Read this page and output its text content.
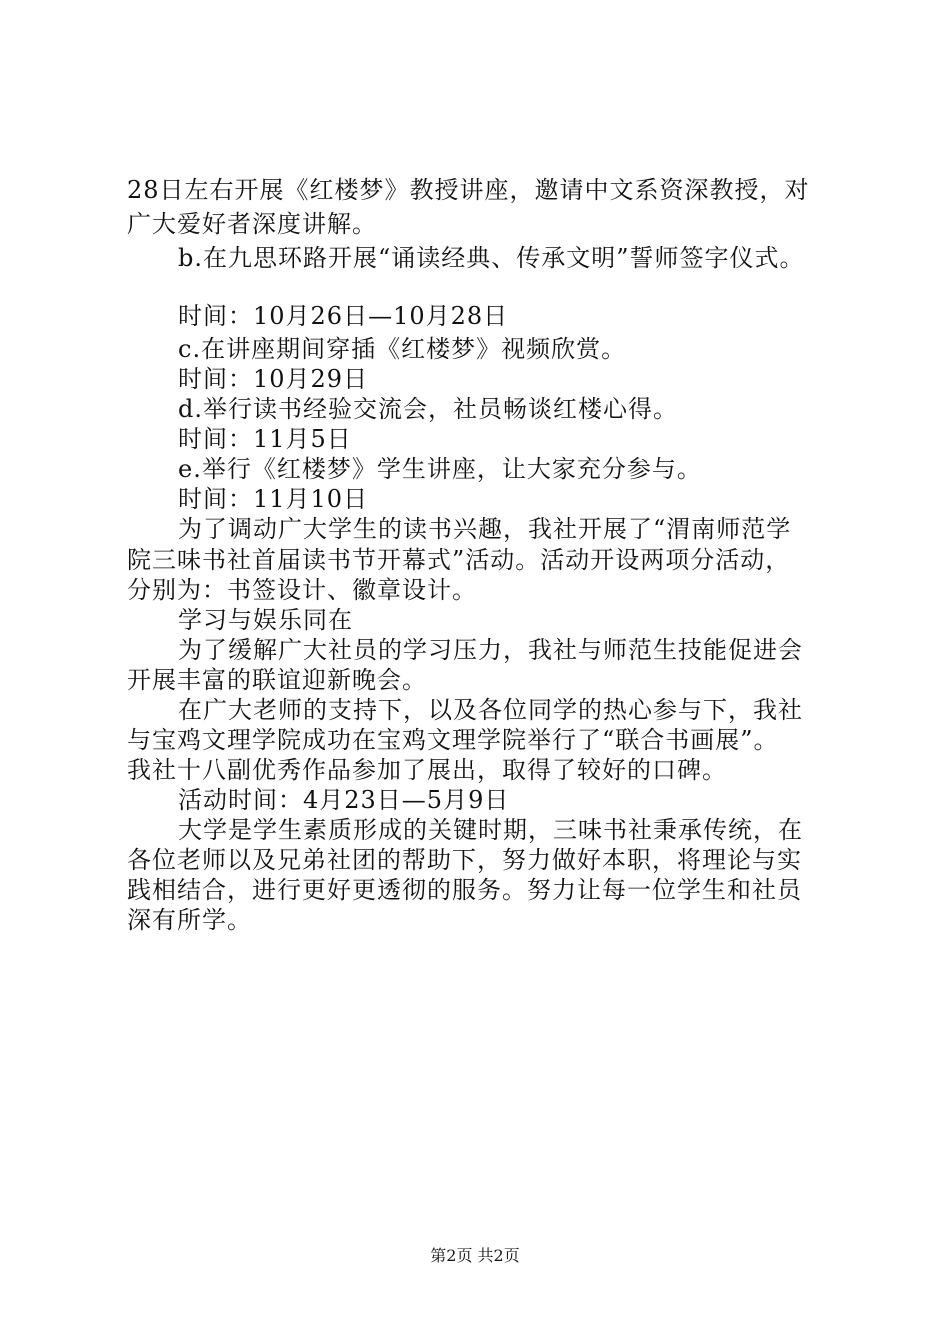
28日左右开展《红楼梦》教授讲座，邀请中文系资深教授，对
广大爱好者深度讲解。
b.在九思环路开展“诵读经典、传承文明”誓师签字仪式。
时间：10月26日—10月28日
c.在讲座期间穿插《红楼梦》视频欣赏。
时间：10月29日
d.举行读书经验交流会，社员畅谈红楼心得。
时间：11月5日
e.举行《红楼梦》学生讲座，让大家充分参与。
时间：11月10日
为了调动广大学生的读书兴趣，我社开展了“渭南师范学
院三味书社首届读书节开幕式”活动。活动开设两项分活动，
分别为：书签设计、徽章设计。
学习与娱乐同在
为了缓解广大社员的学习压力，我社与师范生技能促进会
开展丰富的联谊迎新晚会。
在广大老师的支持下，以及各位同学的热心参与下，我社
与宝鸡文理学院成功在宝鸡文理学院举行了“联合书画展”。
我社十八副优秀作品参加了展出，取得了较好的口碑。
活动时间：4月23日—5月9日
大学是学生素质形成的关键时期，三味书社秉承传统，在
各位老师以及兄弟社团的帮助下，努力做好本职，将理论与实
践相结合，进行更好更透彻的服务。努力让每一位学生和社员
深有所学。
第2页 共2页
